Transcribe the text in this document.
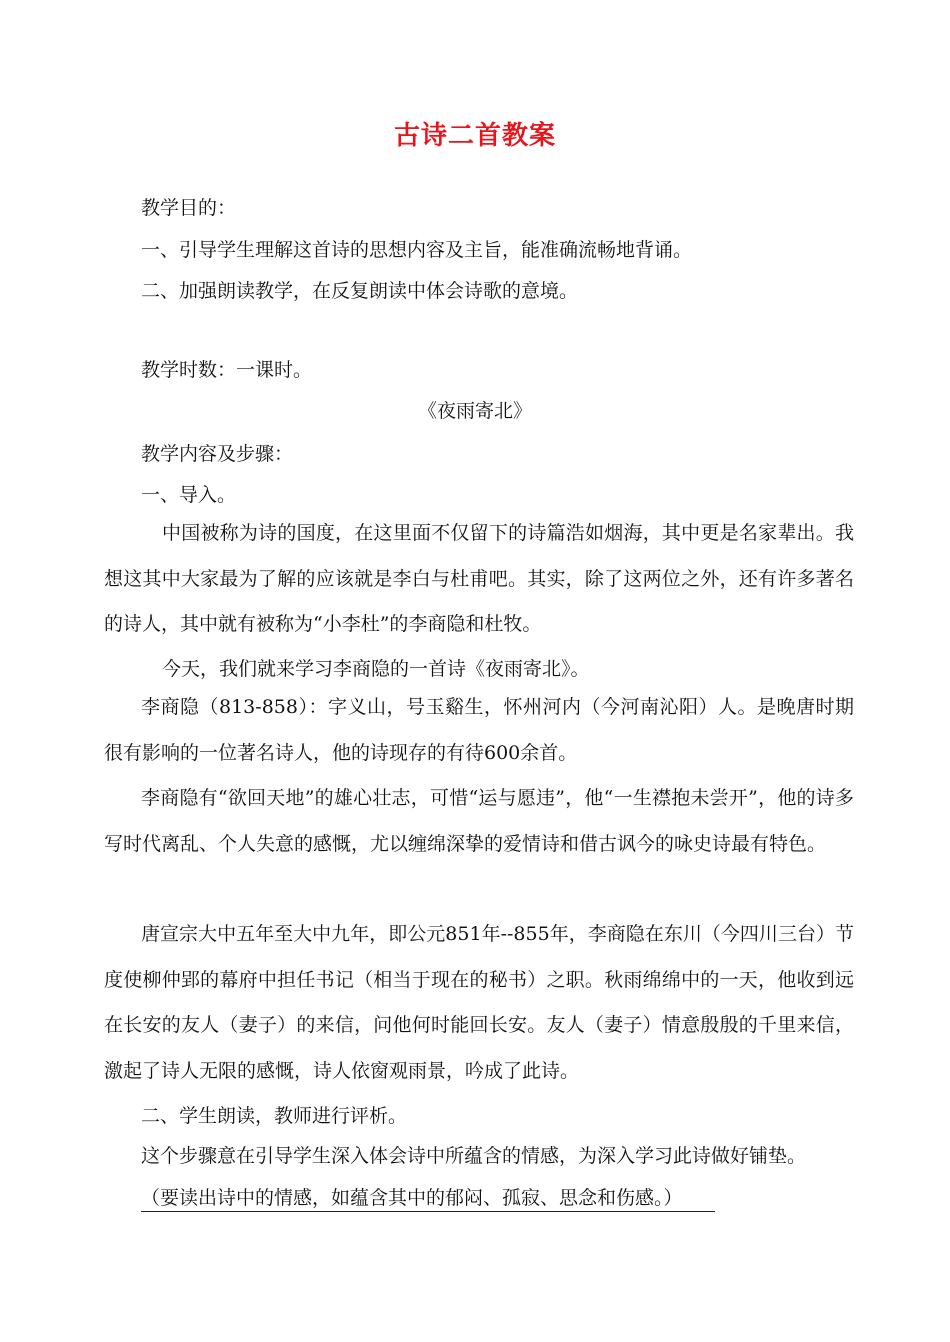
古诗二首教案
教学目的：
一、引导学生理解这首诗的思想内容及主旨，能准确流畅地背诵。
二、加强朗读教学，在反复朗读中体会诗歌的意境。
教学时数：一课时。
《夜雨寄北》
教学内容及步骤：
一、导入。
中国被称为诗的国度，在这里面不仅留下的诗篇浩如烟海，其中更是名家辈出。我想这其中大家最为了解的应该就是李白与杜甫吧。其实，除了这两位之外，还有许多著名的诗人，其中就有被称为“小李杜”的李商隐和杜牧。
今天，我们就来学习李商隐的一首诗《夜雨寄北》。
李商隐（813-858）：字义山，号玉谿生，怀州河内（今河南沁阳）人。是晚唐时期很有影响的一位著名诗人，他的诗现存的有待600余首。
李商隐有“欲回天地”的雄心壮志，可惜“运与愿违”，他“一生襟抱未尝开”，他的诗多写时代离乱、个人失意的感慨，尤以缠绵深挚的爱情诗和借古讽今的咏史诗最有特色。
唐宣宗大中五年至大中九年，即公元851年--855年，李商隐在东川（今四川三台）节度使柳仲郢的幕府中担任书记（相当于现在的秘书）之职。秋雨绵绵中的一天，他收到远在长安的友人（妻子）的来信，问他何时能回长安。友人（妻子）情意殷殷的千里来信，激起了诗人无限的感慨，诗人依窗观雨景，吟成了此诗。
二、学生朗读，教师进行评析。
这个步骤意在引导学生深入体会诗中所蕴含的情感，为深入学习此诗做好铺垫。
（要读出诗中的情感，如蕴含其中的郁闷、孤寂、思念和伤感。）
